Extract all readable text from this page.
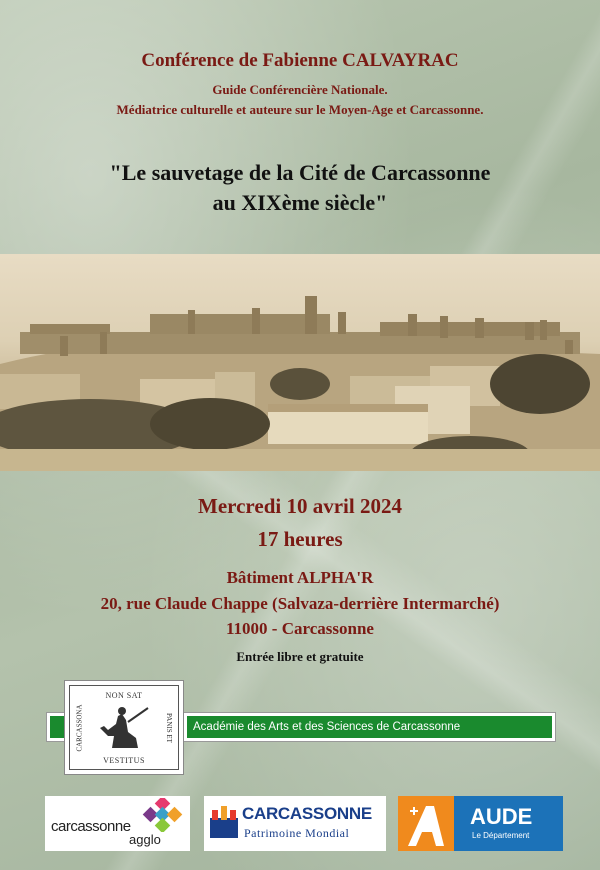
Conférence de Fabienne CALVAYRAC
Guide Conférencière Nationale.
Médiatrice culturelle et auteure sur le Moyen-Age et Carcassonne.
"Le sauvetage de la Cité de Carcassonne
au XIXème siècle"
Mercredi 10 avril 2024
17 heures
Bâtiment ALPHA'R
20, rue Claude Chappe (Salvaza-derrière Intermarché)
11000 - Carcassonne
Entrée libre et gratuite
Académie des Arts et des Sciences de Carcassonne
NON SAT
CARCASSONA	PANIS ET
VESTITUS
carcassonne
agglo
CARCASSONNE
Patrimoine Mondial
AUDE
Le Département
